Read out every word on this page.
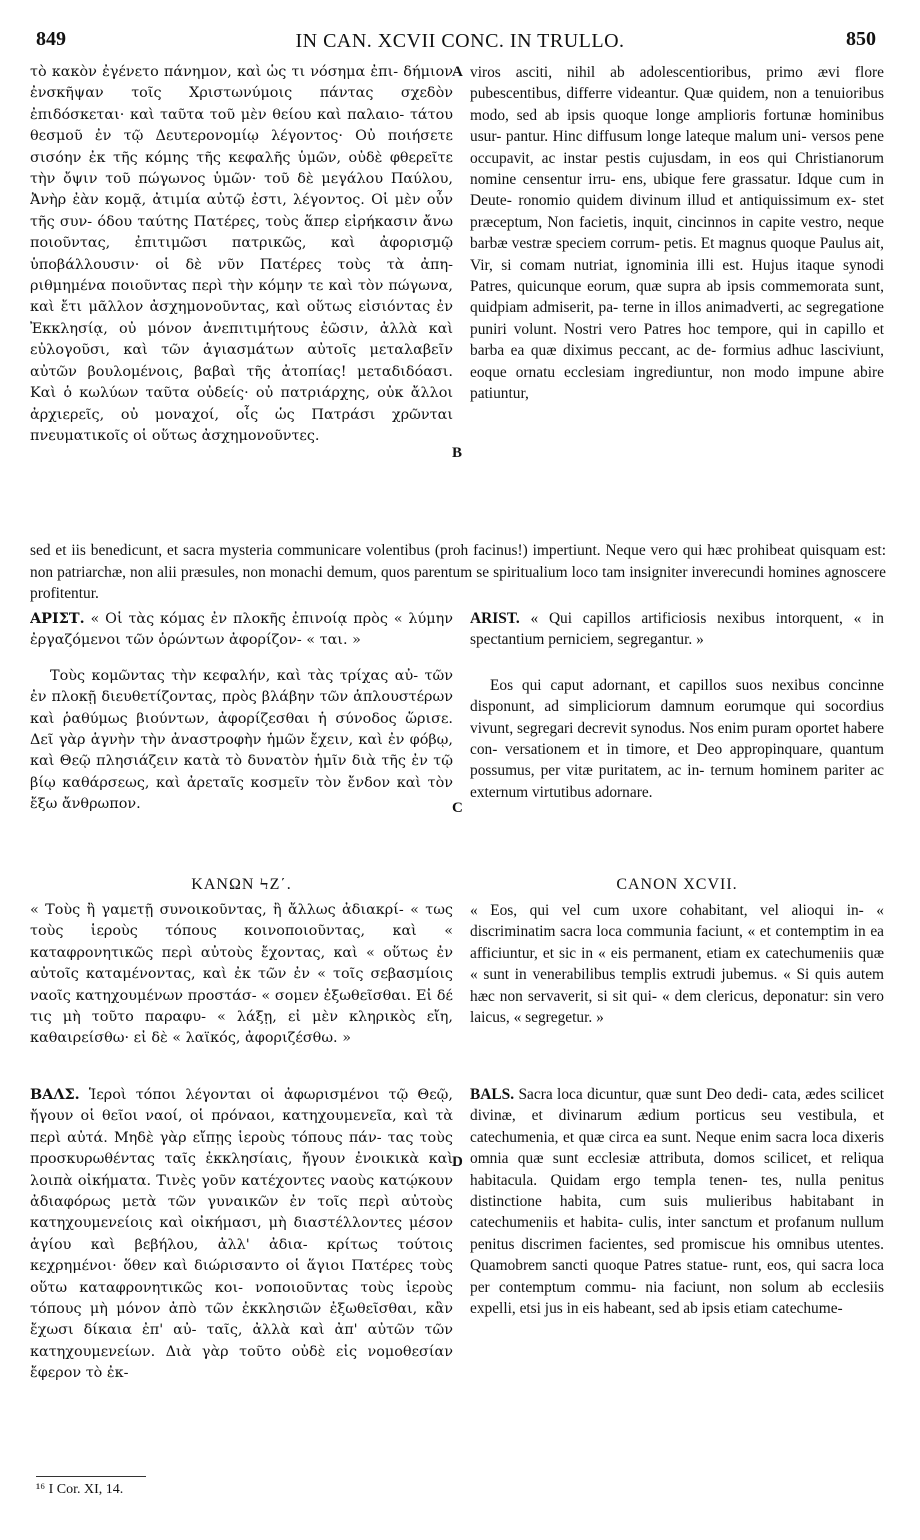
849	IN CAN. XCVII CONC. IN TRULLO.	850
A
B
C
D

τὸ κακὸν ἐγένετο πάνημον, καὶ ὡς τι νόσημα ἐπι- δήμιον ἐνσκῆψαν τοῖς Χριστωνύμοις πάντας σχεδὸν ἐπιδόσκεται· καὶ ταῦτα τοῦ μὲν θείου καὶ παλαιο- τάτου θεσμοῦ ἐν τῷ Δευτερονομίῳ λέγοντος· Οὐ ποιήσετε σισόην ἐκ τῆς κόμης τῆς κεφαλῆς ὑμῶν, οὐδὲ φθερεῖτε τὴν ὄψιν τοῦ πώγωνος ὑμῶν· τοῦ δὲ μεγάλου Παύλου, Ἀνὴρ ἐὰν κομᾷ, ἀτιμία αὐτῷ ἐστι, λέγοντος. Οἱ μὲν οὖν τῆς συν- όδου ταύτης Πατέρες, τοὺς ἅπερ εἰρήκασιν ἄνω ποιοῦντας, ἐπιτιμῶσι πατρικῶς, καὶ ἀφορισμῷ ὑποβάλλουσιν· οἱ δὲ νῦν Πατέρες τοὺς τὰ ἀπη- ριθμημένα ποιοῦντας περὶ τὴν κόμην τε καὶ τὸν πώγωνα, καὶ ἔτι μᾶλλον ἀσχημονοῦντας, καὶ οὕτως εἰσιόντας ἐν Ἐκκλησίᾳ, οὐ μόνον ἀνεπιτιμήτους ἐῶσιν, ἀλλὰ καὶ εὐλογοῦσι, καὶ τῶν ἁγιασμάτων αὐτοῖς μεταλαβεῖν αὐτῶν βουλομένοις, βαβαὶ τῆς ἀτοπίας! μεταδιδόασι. Καὶ ὁ κωλύων ταῦτα οὐδείς· οὐ πατριάρχης, οὐκ ἄλλοι ἀρχιερεῖς, οὐ μοναχοί, οἷς ὡς Πατράσι χρῶνται πνευματικοῖς οἱ οὕτως ἀσχημονοῦντες.

viros asciti, nihil ab adolescentioribus, primo ævi flore pubescentibus, differre videantur. Quæ quidem, non a tenuioribus modo, sed ab ipsis quoque longe amplioris fortunæ hominibus usur- pantur. Hinc diffusum longe lateque malum uni- versos pene occupavit, ac instar pestis cujusdam, in eos qui Christianorum nomine censentur irru- ens, ubique fere grassatur. Idque cum in Deute- ronomio quidem divinum illud et antiquissimum ex- stet præceptum, Non facietis, inquit, cincinnos in capite vestro, neque barbæ vestræ speciem corrum- petis. Et magnus quoque Paulus ait, Vir, si comam nutriat, ignominia illi est. Hujus itaque synodi Patres, quicunque eorum, quæ supra ab ipsis commemorata sunt, quidpiam admiserit, pa- terne in illos animadverti, ac segregatione puniri volunt. Nostri vero Patres hoc tempore, qui in capillo et barba ea quæ diximus peccant, ac de- formius adhuc lasciviunt, eoque ornatu ecclesiam ingrediuntur, non modo impune abire patiuntur,

sed et iis benedicunt, et sacra mysteria communicare volentibus (proh facinus!) impertiunt. Neque vero qui hæc prohibeat quisquam est: non patriarchæ, non alii præsules, non monachi demum, quos parentum se spiritualium loco tam insigniter inverecundi homines agnoscere profitentur.

ΑΡΙΣΤ. « Οἱ τὰς κόμας ἐν πλοκῆς ἐπινοίᾳ πρὸς « λύμην ἐργαζόμενοι τῶν ὁρώντων ἀφορίζον- « ται. »

Τοὺς κομῶντας τὴν κεφαλήν, καὶ τὰς τρίχας αὐ- τῶν ἐν πλοκῇ διευθετίζοντας, πρὸς βλάβην τῶν ἁπλουστέρων καὶ ῥαθύμως βιούντων, ἀφορίζεσθαι ἡ σύνοδος ὥρισε. Δεῖ γὰρ ἁγνὴν τὴν ἀναστροφὴν ἡμῶν ἔχειν, καὶ ἐν φόβῳ, καὶ Θεῷ πλησιάζειν κατὰ τὸ δυνατὸν ἡμῖν διὰ τῆς ἐν τῷ βίῳ καθάρσεως, καὶ ἀρεταῖς κοσμεῖν τὸν ἔνδον καὶ τὸν ἔξω ἄνθρωπον.

ARIST. « Qui capillos artificiosis nexibus intorquent, « in spectantium perniciem, segregantur. »

Eos qui caput adornant, et capillos suos nexibus concinne disponunt, ad simpliciorum damnum eorumque qui socordius vivunt, segregari decrevit synodus. Nos enim puram oportet habere con- versationem et in timore, et Deo appropinquare, quantum possumus, per vitæ puritatem, ac in- ternum hominem pariter ac externum virtutibus adornare.

ΚΑΝΩΝ ϞΖ΄.	CANON XCVII.

« Τοὺς ἢ γαμετῇ συνοικοῦντας, ἢ ἄλλως ἀδιακρί- « τως τοὺς ἱεροὺς τόπους κοινοποιοῦντας, καὶ « καταφρονητικῶς περὶ αὐτοὺς ἔχοντας, καὶ « οὕτως ἐν αὐτοῖς καταμένοντας, καὶ ἐκ τῶν ἐν « τοῖς σεβασμίοις ναοῖς κατηχουμένων προστάσ- « σομεν ἐξωθεῖσθαι. Εἰ δέ τις μὴ τοῦτο παραφυ- « λάξῃ, εἰ μὲν κληρικὸς εἴη, καθαιρείσθω· εἰ δὲ « λαϊκός, ἀφοριζέσθω. »

« Eos, qui vel cum uxore cohabitant, vel alioqui in- « discriminatim sacra loca communia faciunt, « et contemptim in ea afficiuntur, et sic in « eis permanent, etiam ex catechumeniis quæ « sunt in venerabilibus templis extrudi jubemus. « Si quis autem hæc non servaverit, si sit qui- « dem clericus, deponatur: sin vero laicus, « segregetur. »

ΒΑΛΣ. Ἱεροὶ τόποι λέγονται οἱ ἀφωρισμένοι τῷ Θεῷ, ἤγουν οἱ θεῖοι ναοί, οἱ πρόναοι, κατηχουμενεῖα, καὶ τὰ περὶ αὐτά. Μηδὲ γὰρ εἴπῃς ἱεροὺς τόπους πάν- τας τοὺς προσκυρωθέντας ταῖς ἐκκλησίαις, ἤγουν ἐνοικικὰ καὶ λοιπὰ οἰκήματα. Τινὲς γοῦν κατέχοντες ναοὺς κατῴκουν ἀδιαφόρως μετὰ τῶν γυναικῶν ἐν τοῖς περὶ αὐτοὺς κατηχουμενείοις καὶ οἰκήμασι, μὴ διαστέλλοντες μέσον ἁγίου καὶ βεβήλου, ἀλλ' ἀδια- κρίτως τούτοις κεχρημένοι· ὅθεν καὶ διώρισαντο οἱ ἅγιοι Πατέρες τοὺς οὕτω καταφρονητικῶς κοι- νοποιοῦντας τοὺς ἱεροὺς τόπους μὴ μόνον ἀπὸ τῶν ἐκκλησιῶν ἐξωθεῖσθαι, κἂν ἔχωσι δίκαια ἐπ' αὐ- ταῖς, ἀλλὰ καὶ ἀπ' αὐτῶν τῶν κατηχουμενείων. Διὰ γὰρ τοῦτο οὐδὲ εἰς νομοθεσίαν ἔφερον τὸ ἐκ-

BALS. Sacra loca dicuntur, quæ sunt Deo dedi- cata, ædes scilicet divinæ, et divinarum ædium porticus seu vestibula, et catechumenia, et quæ circa ea sunt. Neque enim sacra loca dixeris omnia quæ sunt ecclesiæ attributa, domos scilicet, et reliqua habitacula. Quidam ergo templa tenen- tes, nulla penitus distinctione habita, cum suis mulieribus habitabant in catechumeniis et habita- culis, inter sanctum et profanum nullum penitus discrimen facientes, sed promiscue his omnibus utentes. Quamobrem sancti quoque Patres statue- runt, eos, qui sacra loca per contemptum commu- nia faciunt, non solum ab ecclesiis expelli, etsi jus in eis habeant, sed ab ipsis etiam catechume-

¹⁶ I Cor. XI, 14.
